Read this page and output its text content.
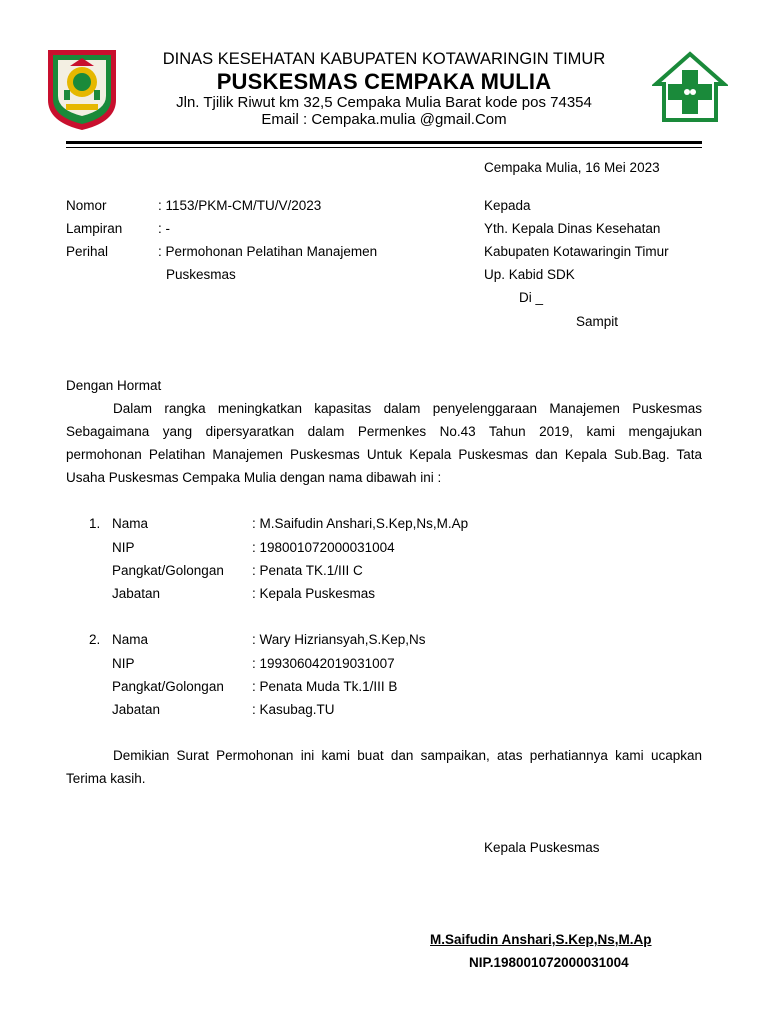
DINAS KESEHATAN KABUPATEN KOTAWARINGIN TIMUR
PUSKESMAS CEMPAKA MULIA
Jln. Tjilik Riwut km 32,5 Cempaka Mulia Barat kode pos 74354
Email : Cempaka.mulia @gmail.Com
Cempaka Mulia, 16 Mei 2023
Nomor	: 1153/PKM-CM/TU/V/2023
Lampiran	: -
Perihal	: Permohonan Pelatihan Manajemen
Puskesmas
Kepada
Yth. Kepala Dinas Kesehatan
Kabupaten Kotawaringin Timur
Up. Kabid SDK
Di _
Sampit
Dengan Hormat
Dalam rangka meningkatkan kapasitas dalam penyelenggaraan Manajemen Puskesmas
Sebagaimana yang dipersyaratkan dalam Permenkes No.43 Tahun 2019, kami mengajukan
permohonan Pelatihan Manajemen Puskesmas Untuk Kepala Puskesmas dan Kepala Sub.Bag. Tata
Usaha Puskesmas Cempaka Mulia dengan nama dibawah ini :
1. Nama	: M.Saifudin Anshari,S.Kep,Ns,M.Ap
NIP	: 198001072000031004
Pangkat/Golongan : Penata TK.1/III C
Jabatan	: Kepala Puskesmas
2. Nama	: Wary Hizriansyah,S.Kep,Ns
NIP	: 199306042019031007
Pangkat/Golongan : Penata Muda Tk.1/III B
Jabatan	: Kasubag.TU
Demikian Surat Permohonan ini kami buat dan sampaikan, atas perhatiannya kami ucapkan
Terima kasih.
Kepala Puskesmas
M.Saifudin Anshari,S.Kep,Ns,M.Ap
NIP.198001072000031004
